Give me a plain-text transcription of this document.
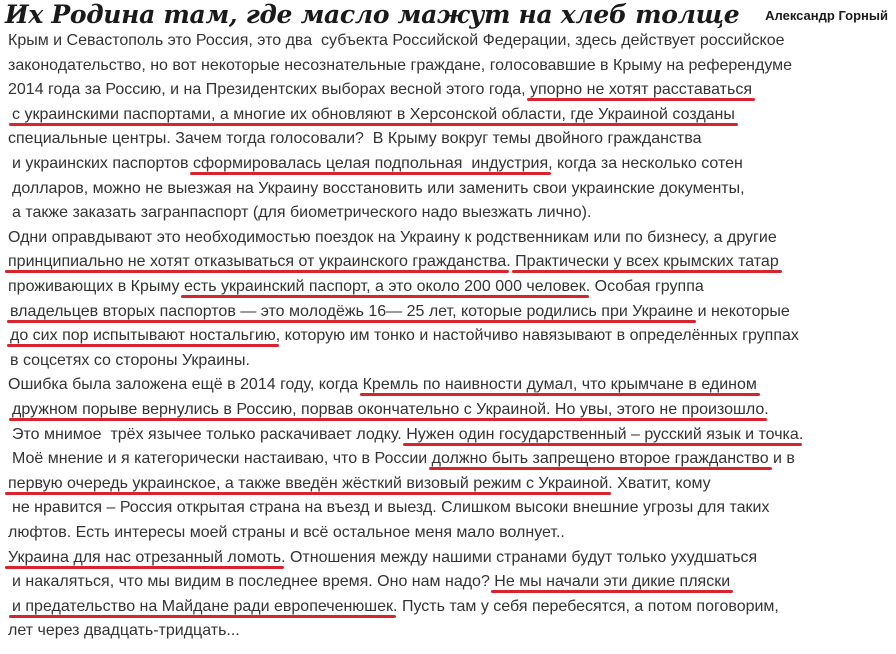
Их Родина там, где масло мажут на хлеб толще Александр Горный
Крым и Севастополь это Россия, это два  субъекта Российской Федерации, здесь действует российское
законодательство, но вот некоторые несознательные граждане, голосовавшие в Крыму на референдуме
2014 года за Россию, и на Президентских выборах весной этого года, упорно не хотят расставаться
с украинскими паспортами, а многие их обновляют в Херсонской области, где Украиной созданы
специальные центры. Зачем тогда голосовали?  В Крыму вокруг темы двойного гражданства
и украинских паспортов сформировалась целая подпольная  индустрия, когда за несколько сотен
долларов, можно не выезжая на Украину восстановить или заменить свои украинские документы,
а также заказать загранпаспорт (для биометрического надо выезжать лично).
Одни оправдывают это необходимостью поездок на Украину к родственникам или по бизнесу, а другие
принципиально не хотят отказываться от украинского гражданства. Практически у всех крымских татар
проживающих в Крыму есть украинский паспорт, а это около 200 000 человек. Особая группа
владельцев вторых паспортов — это молодёжь 16— 25 лет, которые родились при Украине и некоторые
до сих пор испытывают ностальгию, которую им тонко и настойчиво навязывают в определённых группах
в соцсетях со стороны Украины.
Ошибка была заложена ещё в 2014 году, когда Кремль по наивности думал, что крымчане в едином
дружном порыве вернулись в Россию, порвав окончательно с Украиной. Но увы, этого не произошло.
Это мнимое  трёх язычее только раскачивает лодку. Нужен один государственный – русский язык и точка.
Моё мнение и я категорически настаиваю, что в России должно быть запрещено второе гражданство и в
первую очередь украинское, а также введён жёсткий визовый режим с Украиной. Хватит, кому
не нравится – Россия открытая страна на въезд и выезд. Слишком высоки внешние угрозы для таких
люфтов. Есть интересы моей страны и всё остальное меня мало волнует..
Украина для нас отрезанный ломоть. Отношения между нашими странами будут только ухудшаться
и накаляться, что мы видим в последнее время. Оно нам надо? Не мы начали эти дикие пляски
и предательство на Майдане ради европеченюшек. Пусть там у себя перебесятся, а потом поговорим,
лет через двадцать-тридцать...
